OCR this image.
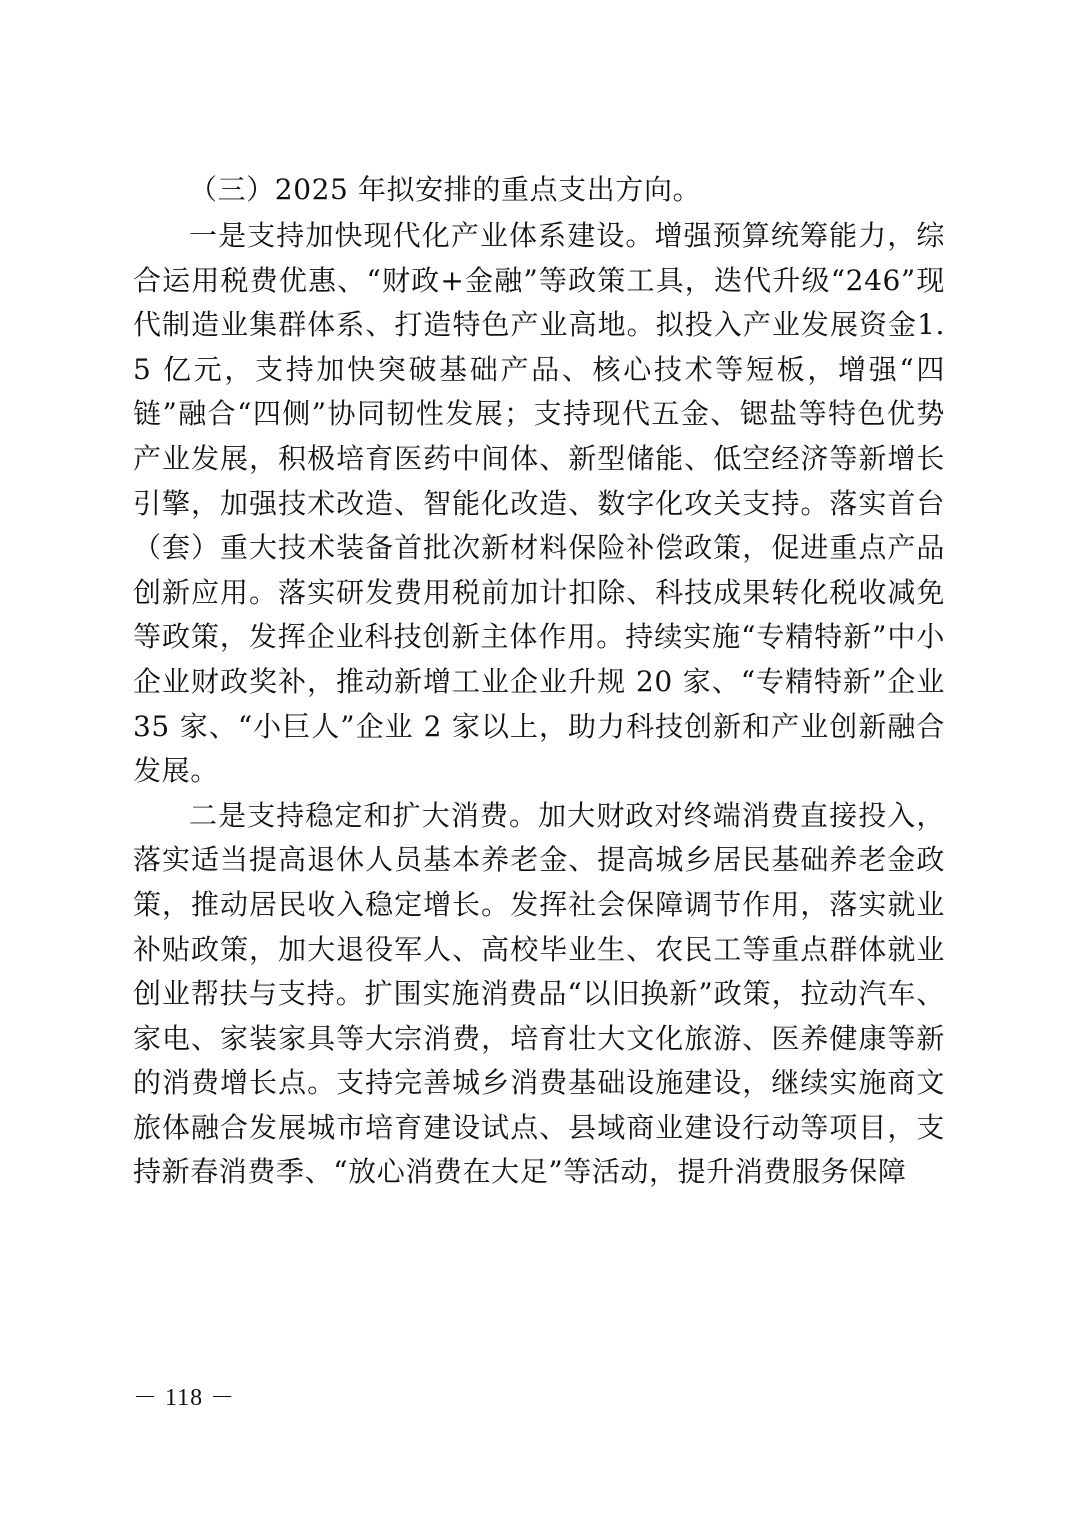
（三）2025 年拟安排的重点支出方向。

一是支持加快现代化产业体系建设。增强预算统筹能力，综合运用税费优惠、“财政+金融”等政策工具，迭代升级“246”现代制造业集群体系、打造特色产业高地。拟投入产业发展资金1.5 亿元，支持加快突破基础产品、核心技术等短板，增强“四链”融合“四侧”协同韧性发展；支持现代五金、锶盐等特色优势产业发展，积极培育医药中间体、新型储能、低空经济等新增长引擎，加强技术改造、智能化改造、数字化攻关支持。落实首台（套）重大技术装备首批次新材料保险补偿政策，促进重点产品创新应用。落实研发费用税前加计扣除、科技成果转化税收减免等政策，发挥企业科技创新主体作用。持续实施“专精特新”中小企业财政奖补，推动新增工业企业升规 20 家、“专精特新”企业 35 家、“小巨人”企业 2 家以上，助力科技创新和产业创新融合发展。

二是支持稳定和扩大消费。加大财政对终端消费直接投入，落实适当提高退休人员基本养老金、提高城乡居民基础养老金政策，推动居民收入稳定增长。发挥社会保障调节作用，落实就业补贴政策，加大退役军人、高校毕业生、农民工等重点群体就业创业帮扶与支持。扩围实施消费品“以旧换新”政策，拉动汽车、家电、家装家具等大宗消费，培育壮大文化旅游、医养健康等新的消费增长点。支持完善城乡消费基础设施建设，继续实施商文旅体融合发展城市培育建设试点、县域商业建设行动等项目，支持新春消费季、“放心消费在大足”等活动，提升消费服务保障

－ 118 －
